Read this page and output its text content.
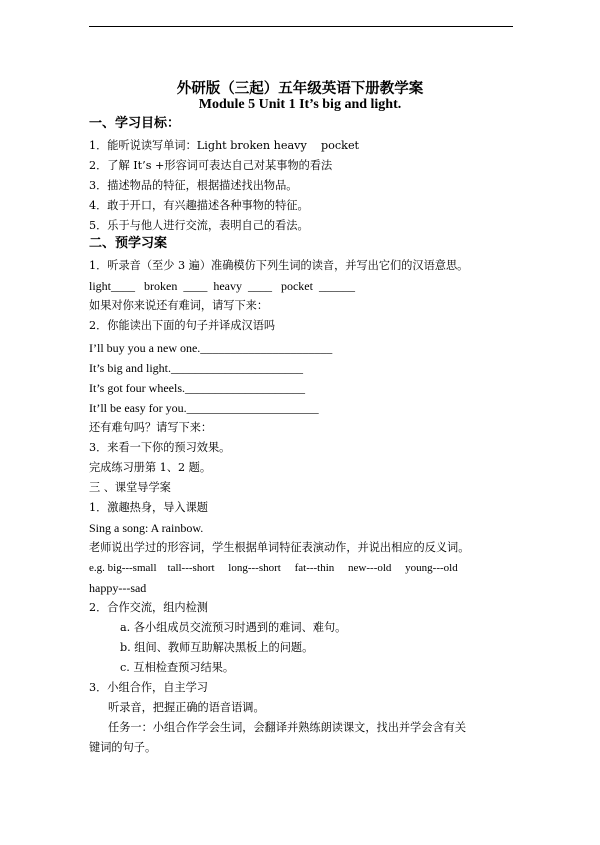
外研版（三起）五年级英语下册教学案
Module 5 Unit 1 It’s big and light.
一、学习目标：
1．能听说读写单词：Light broken heavy    pocket
2．了解 It’s +形容词可表达自己对某事物的看法
3．描述物品的特征，根据描述找出物品。
4．敢于开口，有兴趣描述各种事物的特征。
5．乐于与他人进行交流，表明自己的看法。
二、预学习案
1．听录音（至少 3 遍）准确模仿下列生词的读音，并写出它们的汉语意思。
light____   broken  ____  heavy  ____   pocket  ______
如果对你来说还有难词，请写下来：
2．你能读出下面的句子并译成汉语吗
I’ll buy you a new one.______________________
It’s big and light.______________________
It’s got four wheels.____________________
It’ll be easy for you.______________________
还有难句吗？请写下来：
3．来看一下你的预习效果。
完成练习册第 1、2 题。
三 、课堂导学案
1．激趣热身，导入课题
Sing a song: A rainbow.
老师说出学过的形容词，学生根据单词特征表演动作，并说出相应的反义词。
e.g. big---small    tall---short     long---short     fat---thin     new---old     young---old
happy---sad
2．合作交流，组内检测
a. 各小组成员交流预习时遇到的难词、难句。
b. 组间、教师互助解决黑板上的问题。
c. 互相检查预习结果。
3．小组合作，自主学习
听录音，把握正确的语音语调。
任务一：小组合作学会生词，会翻译并熟练朗读课文，找出并学会含有关
键词的句子。
